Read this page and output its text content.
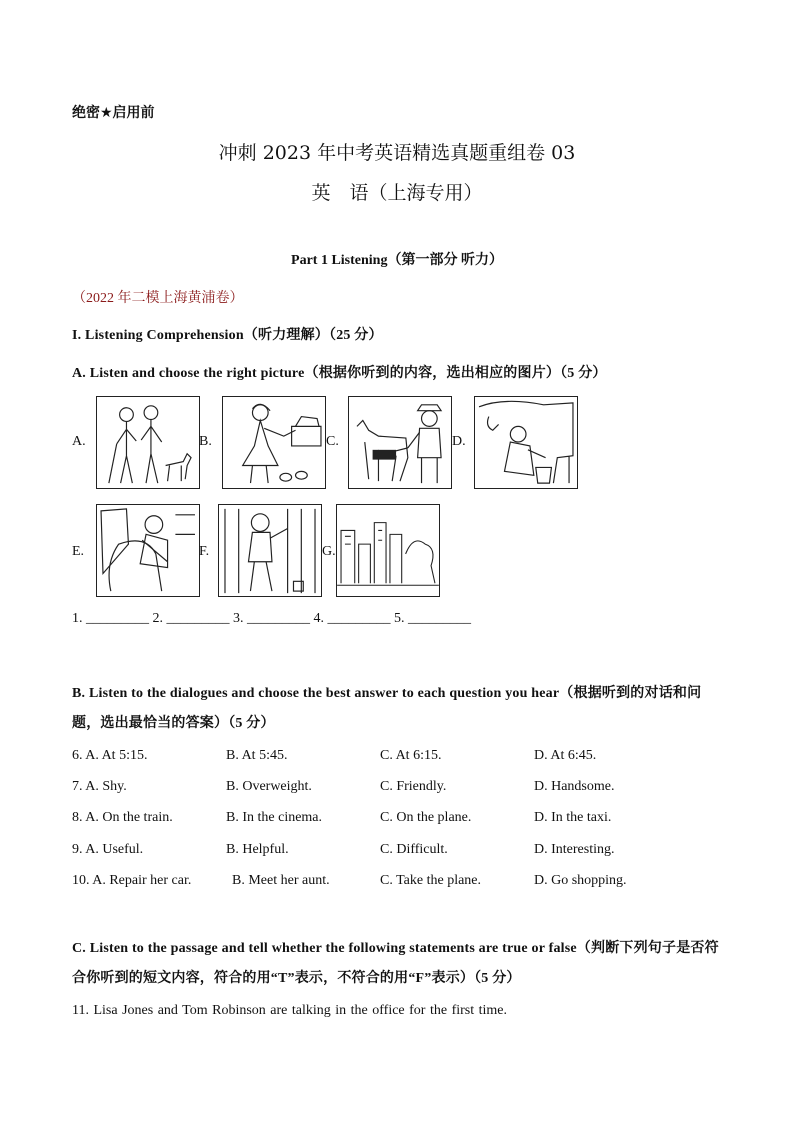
绝密★启用前
冲刺 2023 年中考英语精选真题重组卷 03
英　语（上海专用）
Part 1 Listening（第一部分 听力）
（2022 年二模上海黄浦卷）
I. Listening Comprehension（听力理解）（25 分）
A. Listen and choose the right picture（根据你听到的内容，选出相应的图片）（5 分）
A.	B.	C.	D.
E.	F.	G.
1. _________ 2. _________ 3. _________ 4. _________ 5. _________
B. Listen to the dialogues and choose the best answer to each question you hear（根据听到的对话和问题，选出最恰当的答案）（5 分）
6. A. At 5:15.	B. At 5:45.	C. At 6:15.	D. At 6:45.
7. A. Shy.	B. Overweight.	C. Friendly.	D. Handsome.
8. A. On the train.	B. In the cinema.	C. On the plane.	D. In the taxi.
9. A. Useful.	B. Helpful.	C. Difficult.	D. Interesting.
10. A. Repair her car.	B. Meet her aunt.	C. Take the plane.	D. Go shopping.
C. Listen to the passage and tell whether the following statements are true or false（判断下列句子是否符合你听到的短文内容，符合的用“T”表示，不符合的用“F”表示）（5 分）
11. Lisa Jones and Tom Robinson are talking in the office for the first time.
